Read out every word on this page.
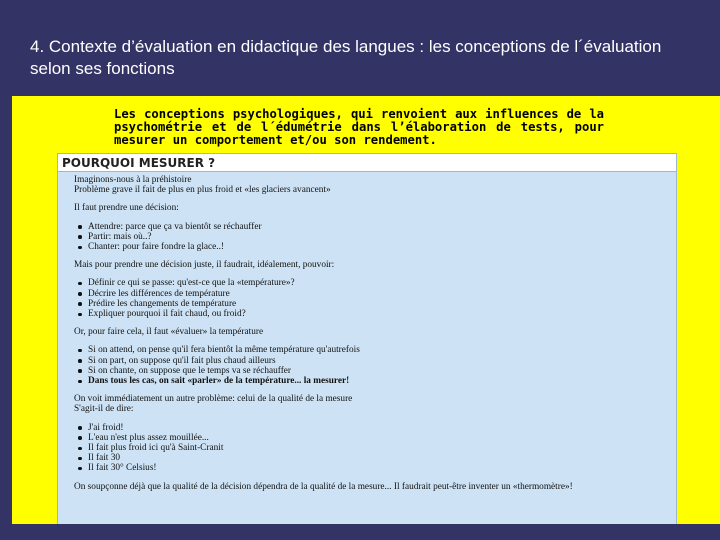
4. Contexte d’évaluation en didactique des langues : les conceptions de l´évaluation selon ses fonctions
Les conceptions psychologiques, qui renvoient aux influences de la psychométrie et de l´édumétrie dans l’élaboration de tests, pour mesurer un comportement et/ou son rendement.
POURQUOI MESURER ?
Imaginons-nous à la préhistoire
Problème grave il fait de plus en plus froid et «les glaciers avancent»
Il faut prendre une décision:
Attendre: parce que ça va bientôt se réchauffer
Partir: mais où..?
Chanter: pour faire fondre la glace..!
Mais pour prendre une décision juste, il faudrait, idéalement, pouvoir:
Définir ce qui se passe: qu'est-ce que la «température»?
Décrire les différences de température
Prédire les changements de température
Expliquer pourquoi il fait chaud, ou froid?
Or, pour faire cela, il faut «évaluer» la température
Si on attend, on pense qu'il fera bientôt la même température qu'autrefois
Si on part, on suppose qu'il fait plus chaud ailleurs
Si on chante, on suppose que le temps va se réchauffer
Dans tous les cas, on sait «parler» de la température... la mesurer!
On voit immédiatement un autre problème: celui de la qualité de la mesure
S'agit-il de dire:
J'ai froid!
L'eau n'est plus assez mouillée...
Il fait plus froid ici qu'à Saint-Cranit
Il fait 30
Il fait 30° Celsius!
On soupçonne déjà que la qualité de la décision dépendra de la qualité de la mesure... Il faudrait peut-être inventer un «thermomètre»!
